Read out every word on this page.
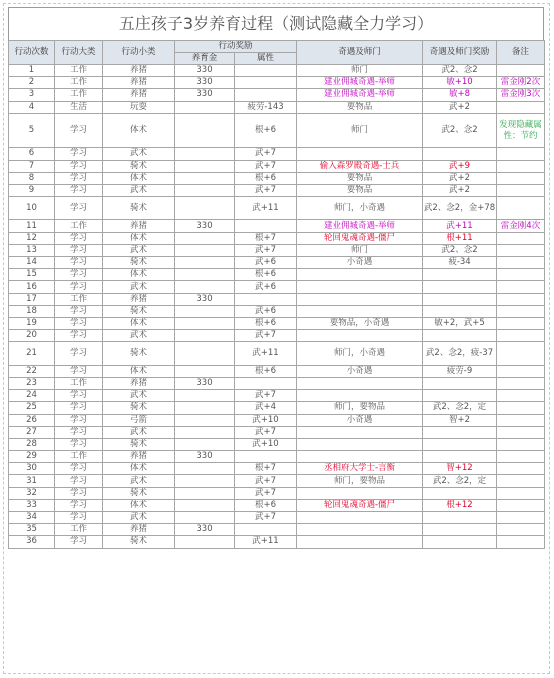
五庄孩子3岁养育过程（测试隐藏全力学习）
行动次数	行动大类	行动小类	行动奖励		奇遇及师门	奇遇及师门奖励	备注
			养育金	属性			
1	工作	养猪	330		师门	武2、念2	
2	工作	养猪	330		建业佣城奇遇-举师	敏+10	雷金刚2次
3	工作	养猪	330		建业佣城奇遇-举师	敏+8	雷金刚3次
4	生活	玩耍		疲劳-143	要物品	武+2	
5	学习	体术		根+6	师门	武2、念2	发现隐藏属性：节约
6	学习	武术		武+7			
7	学习	骑术		武+7	偷入森罗殿奇遇-士兵	武+9	
8	学习	体术		根+6	要物品	武+2	
9	学习	武术		武+7	要物品	武+2	
10	学习	骑术		武+11	师门，小奇遇	武2、念2，金+78	
11	工作	养猪	330		建业佣城奇遇-举师	武+11	雷金刚4次
12	学习	体术		根+7	轮回鬼魂奇遇-僵尸	根+11	
13	学习	武术		武+7	师门	武2、念2	
14	学习	骑术		武+6	小奇遇	疲-34	
15	学习	体术		根+6			
16	学习	武术		武+6			
17	工作	养猪	330				
18	学习	骑术		武+6			
19	学习	体术		根+6	要物品，小奇遇	敏+2，武+5	
20	学习	武术		武+7			
21	学习	骑术		武+11	师门，小奇遇	武2、念2，疲-37	
22	学习	体术		根+6	小奇遇	疲劳-9	
23	工作	养猪	330				
24	学习	武术		武+7			
25	学习	骑术		武+4	师门，要物品	武2、念2，定	
26	学习	弓箭		武+10	小奇遇	智+2	
27	学习	武术		武+7			
28	学习	骑术		武+10			
29	工作	养猪	330				
30	学习	体术		根+7	丞相府大学士-言衡	智+12	
31	学习	武术		武+7	师门，要物品	武2、念2，定	
32	学习	骑术		武+7			
33	学习	体术		根+6	轮回鬼魂奇遇-僵尸	根+12	
34	学习	武术		武+7			
35	工作	养猪	330				
36	学习	骑术		武+11			
